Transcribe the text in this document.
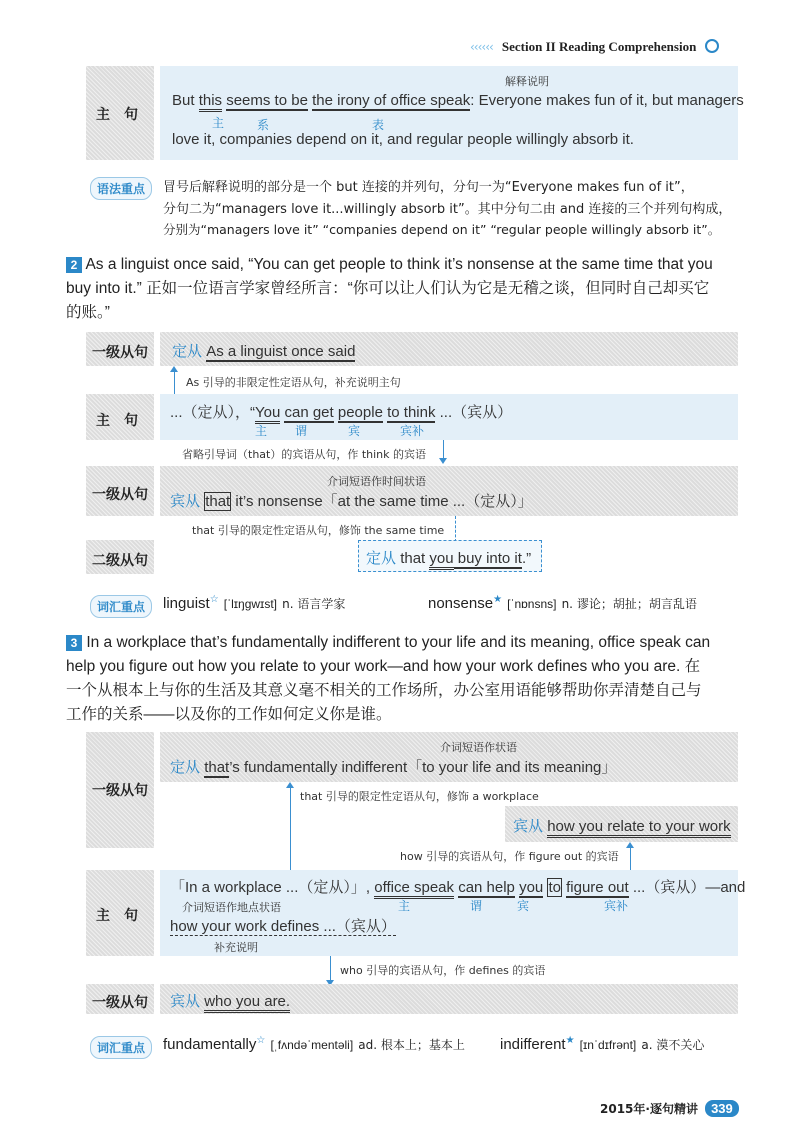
‹‹‹‹‹‹ Section II Reading Comprehension
主　句
解释说明
But this seems to be the irony of office speak: Everyone makes fun of it, but managers
主	系	表
love it, companies depend on it, and regular people willingly absorb it.
语法重点	冒号后解释说明的部分是一个 but 连接的并列句，分句一为“Everyone makes fun of it”，
分句二为“managers love it...willingly absorb it”。其中分句二由 and 连接的三个并列句构成，
分别为“managers love it” “companies depend on it” “regular people willingly absorb it”。
2 As a linguist once said, “You can get people to think it’s nonsense at the same time that you
buy into it.” 正如一位语言学家曾经所言：“你可以让人们认为它是无稽之谈，但同时自己却买它
的账。”
一级从句 定从 As a linguist once said
As 引导的非限定性定语从句，补充说明主句
主　句 ...（定从），“You can get people to think ...（宾从）
主 谓	宾	宾补
省略引导词（that）的宾语从句，作 think 的宾语
一级从句
介词短语作时间状语
宾从 that it’s nonsense「at the same time ...（定从）」
that 引导的限定性定语从句，修饰 the same time
二级从句	定从 that you buy into it.”
词汇重点	linguist☆ [ˈlɪŋɡwɪst] n. 语言学家	nonsense★ [ˈnɒnsns] n. 谬论；胡扯；胡言乱语
3 In a workplace that’s fundamentally indifferent to your life and its meaning, office speak can
help you figure out how you relate to your work—and how your work defines who you are. 在
一个从根本上与你的生活及其意义毫不相关的工作场所，办公室用语能够帮助你弄清楚自己与
工作的关系——以及你的工作如何定义你是谁。
一级从句
介词短语作状语
定从 that’s fundamentally indifferent「to your life and its meaning」
that 引导的限定性定语从句，修饰 a workplace
宾从 how you relate to your work
how 引导的宾语从句，作 figure out 的宾语
主　句
「In a workplace ...（定从）」, office speak can help you to figure out ...（宾从）—and
介词短语作地点状语	主	谓	宾	宾补
how your work defines ...（宾从）
补充说明
who 引导的宾语从句，作 defines 的宾语
一级从句 宾从 who you are.
词汇重点	fundamentally☆ [ˌfʌndəˈmentəli] ad. 根本上；基本上 indifferent★ [ɪnˈdɪfrənt] a. 漠不关心
2015年·逐句精讲 339
